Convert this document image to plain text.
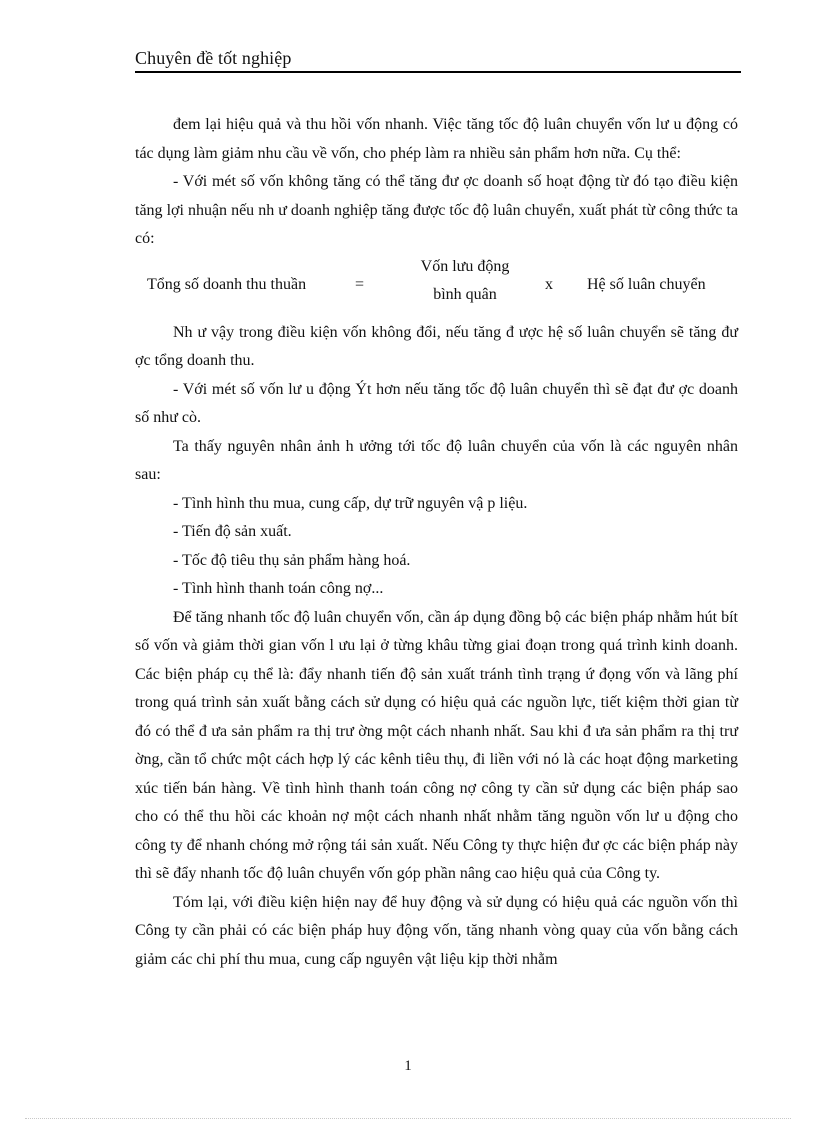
Chuyên đề tốt nghiệp

đem lại hiệu quả và thu hồi vốn nhanh. Việc tăng tốc độ luân chuyển vốn lư u động có tác dụng làm giảm nhu cầu về vốn, cho phép làm ra nhiều sản phẩm hơn nữa. Cụ thể:

- Với mét số vốn không tăng có thể tăng đư ợc doanh số hoạt động từ đó tạo điều kiện tăng lợi nhuận nếu nh ư doanh nghiệp tăng được tốc độ luân chuyển, xuất phát từ công thức ta có:

Tổng số doanh thu thuần	=
Vốn lưu động
bình quân
x Hệ số luân chuyển

Nh ư vậy trong điều kiện vốn không đổi, nếu tăng đ ược hệ số luân chuyển sẽ tăng đư ợc tổng doanh thu.

- Với mét số vốn lư u động Ýt hơn nếu tăng tốc độ luân chuyển thì sẽ đạt đư ợc doanh số như cò.

Ta thấy nguyên nhân ảnh h ưởng tới tốc độ luân chuyển của vốn là các nguyên nhân sau:

- Tình hình thu mua, cung cấp, dự trữ nguyên vậ p liệu.

- Tiến độ sản xuất.

- Tốc độ tiêu thụ sản phẩm hàng hoá.

- Tình hình thanh toán công nợ...

Để tăng nhanh tốc độ luân chuyển vốn, cần áp dụng đồng bộ các biện pháp nhằm hút bít số vốn và giảm thời gian vốn l ưu lại ở từng khâu từng giai đoạn trong quá trình kinh doanh. Các biện pháp cụ thể là: đẩy nhanh tiến độ sản xuất tránh tình trạng ứ đọng vốn và lãng phí trong quá trình sản xuất bằng cách sử dụng có hiệu quả các nguồn lực, tiết kiệm thời gian từ đó có thể đ ưa sản phẩm ra thị trư ờng một cách nhanh nhất. Sau khi đ ưa sản phẩm ra thị trư ờng, cần tổ chức một cách hợp lý các kênh tiêu thụ, đi liền với nó là các hoạt động marketing xúc tiến bán hàng. Về tình hình thanh toán công nợ công ty cần sử dụng các biện pháp sao cho có thể thu hồi các khoản nợ một cách nhanh nhất nhằm tăng nguồn vốn lư u động cho công ty để nhanh chóng mở rộng tái sản xuất. Nếu Công ty thực hiện đư ợc các biện pháp này thì sẽ đẩy nhanh tốc độ luân chuyển vốn góp phần nâng cao hiệu quả của Công ty.

Tóm lại, với điều kiện hiện nay để huy động và sử dụng có hiệu quả các nguồn vốn thì Công ty cần phải có các biện pháp huy động vốn, tăng nhanh vòng quay của vốn bằng cách giảm các chi phí thu mua, cung cấp nguyên vật liệu kịp thời nhằm

1
